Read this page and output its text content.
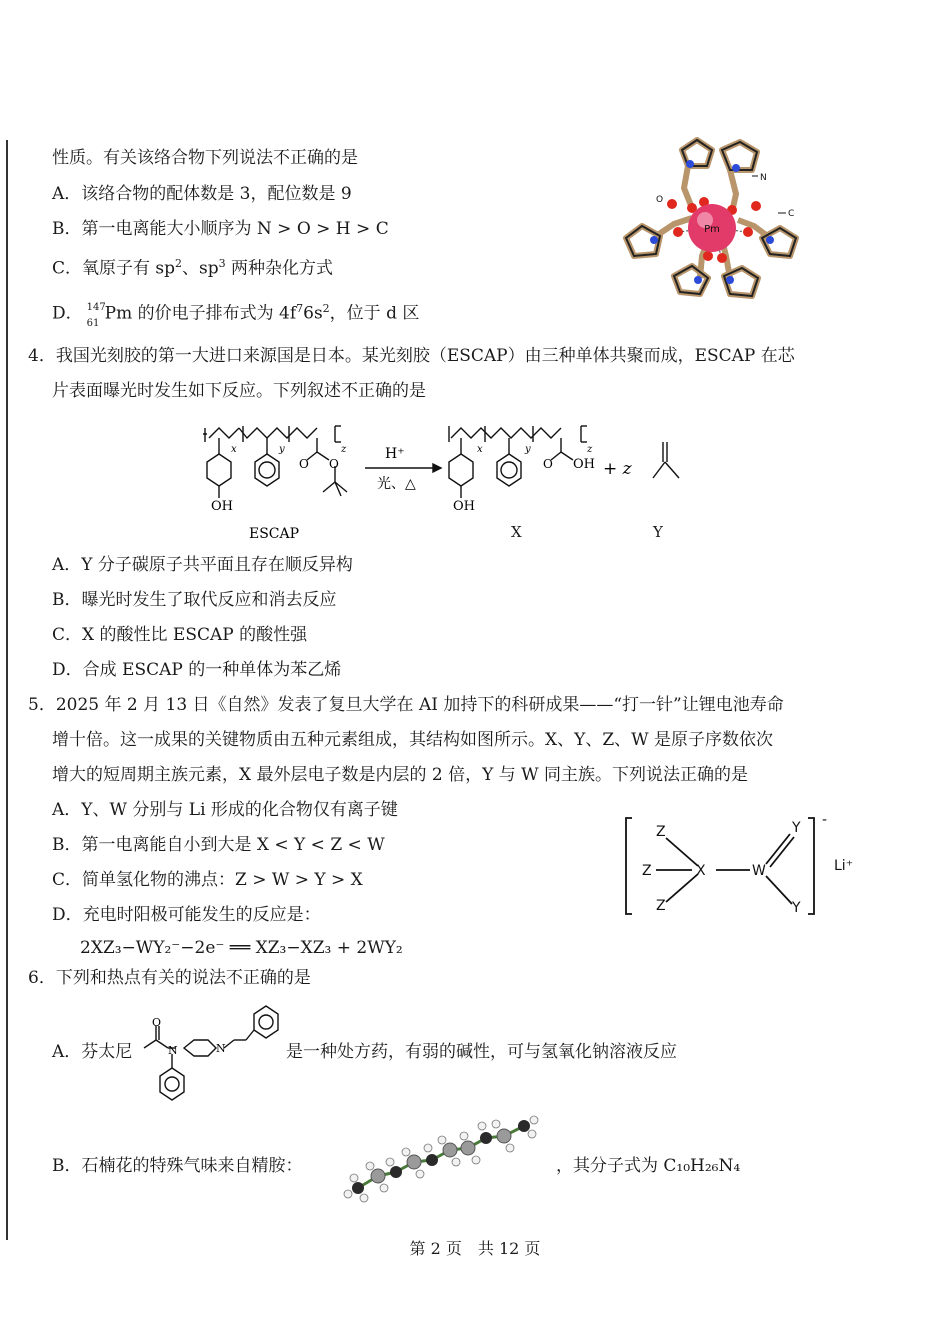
性质。有关该络合物下列说法不正确的是
A．该络合物的配体数是 3，配位数是 9
B．第一电离能大小顺序为 N > O > H > C
C．氧原子有 $sp^2$、$sp^3$ 两种杂化方式
D． 147
61 Pm 的价电子排布式为 $4f^76s^2$，位于 d 区
Pm
N
C
O
4．我国光刻胶的第一大进口来源国是日本。某光刻胶（ESCAP）由三种单体共聚而成，ESCAP 在芯
片表面曝光时发生如下反应。下列叙述不正确的是
x	y	z	x	y	z
OH	OH
O O	O OH
H⁺
光、△
+ z
ESCAP	X	Y
A．Y 分子碳原子共平面且存在顺反异构
B．曝光时发生了取代反应和消去反应
C．X 的酸性比 ESCAP 的酸性强
D．合成 ESCAP 的一种单体为苯乙烯
5．2025 年 2 月 13 日《自然》发表了复旦大学在 AI 加持下的科研成果——“打一针”让锂电池寿命
增十倍。这一成果的关键物质由五种元素组成，其结构如图所示。X、Y、Z、W 是原子序数依次
增大的短周期主族元素，X 最外层电子数是内层的 2 倍，Y 与 W 同主族。下列说法正确的是
A．Y、W 分别与 Li 形成的化合物仅有离子键
B．第一电离能自小到大是 X < Y < Z < W
C．简单氢化物的沸点：Z > W > Y > X
D．充电时阳极可能发生的反应是：
2XZ₃−WY₂⁻−2e⁻ ══ XZ₃−XZ₃ + 2WY₂
Z
Z
Z
X	W
Y
Y
-
Li⁺
6．下列和热点有关的说法不正确的是
A．芬太尼
O
N	N	是一种处方药，有弱的碱性，可与氢氧化钠溶液反应
B．石楠花的特殊气味来自精胺：	，其分子式为 C₁₀H₂₆N₄
第 2 页　共 12 页
